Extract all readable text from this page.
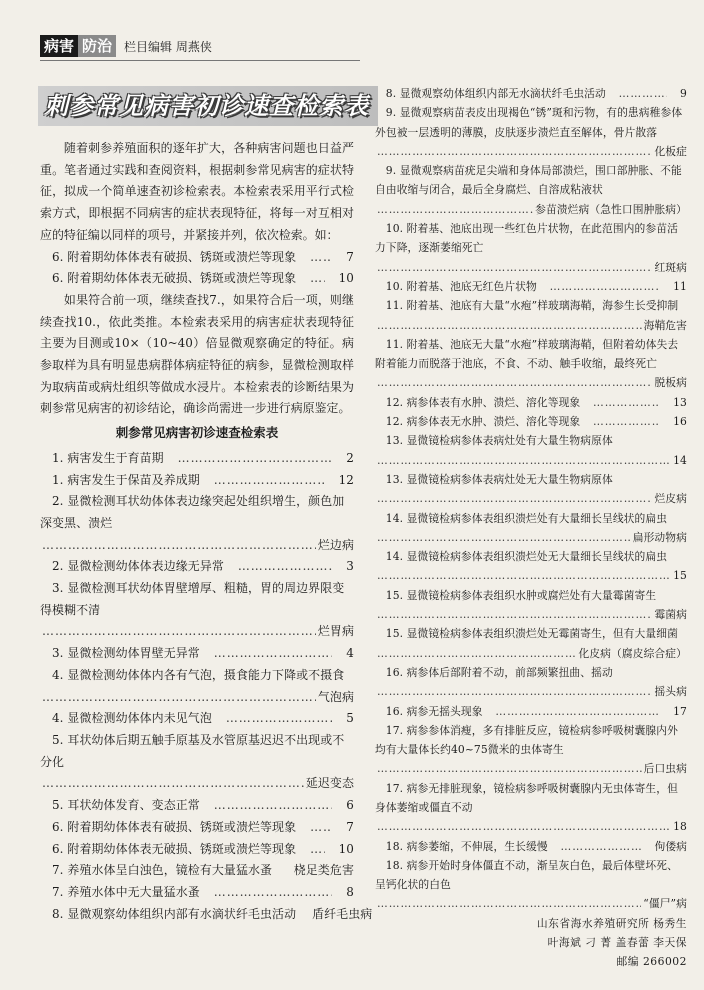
病害 防治	栏目编辑 周燕侠
刺参常见病害初诊速查检索表

随着刺参养殖面积的逐年扩大，各种病害问题也日益严重。笔者通过实践和查阅资料，根据刺参常见病害的症状特征，拟成一个简单速查初诊检索表。本检索表采用平行式检索方式，即根据不同病害的症状表现特征，将每一对互相对应的特征编以同样的项号，并紧接并列，依次检索。如：

6. 附着期幼体体表有破损、锈斑或溃烂等现象 ……………………………………………………………………………………………………………………	7
6. 附着期幼体体表无破损、锈斑或溃烂等现象 ……………………………………………………………………………………………………………………	10

如果符合前一项，继续查找7.，如果符合后一项，则继续查找10.，依此类推。本检索表采用的病害症状表现特征主要为目测或10×（10~40）倍显微观察确定的特征。病参取样为具有明显患病群体病症特征的病参，显微检测取样为取病苗或病灶组织等做成水浸片。本检索表的诊断结果为刺参常见病害的初诊结论，确诊尚需进一步进行病原鉴定。

刺参常见病害初诊速查检索表
1. 病害发生于育苗期 ……………………………………………………………………………………………………………………	2
1. 病害发生于保苗及养成期 ……………………………………………………………………………………………………………………	12
2. 显微检测耳状幼体体表边缘突起处组织增生，颜色加深变黑、溃烂
……………………………………………………………………………………………………………………
烂边病
2. 显微检测幼体体表边缘无异常 ……………………………………………………………………………………………………………………	3
3. 显微检测耳状幼体胃壁增厚、粗糙，胃的周边界限变得模糊不清
……………………………………………………………………………………………………………………
烂胃病
3. 显微检测幼体胃壁无异常 ……………………………………………………………………………………………………………………	4
4. 显微检测幼体体内各有气泡，摄食能力下降或不摄食
……………………………………………………………………………………………………………………
气泡病
4. 显微检测幼体体内未见气泡 ……………………………………………………………………………………………………………………	5
5. 耳状幼体后期五触手原基及水管原基迟迟不出现或不分化
……………………………………………………………………………………………………………………
延迟变态
5. 耳状幼体发育、变态正常 ……………………………………………………………………………………………………………………	6
6. 附着期幼体体表有破损、锈斑或溃烂等现象 ……………………………………………………………………………………………………………………	7
6. 附着期幼体体表无破损、锈斑或溃烂等现象 ……………………………………………………………………………………………………………………	10
7. 养殖水体呈白浊色，镜检有大量猛水蚤 ……………………………………………………………………………………………………………………	桡足类危害
7. 养殖水体中无大量猛水蚤 ……………………………………………………………………………………………………………………	8
8. 显微观察幼体组织内部有水滴状纤毛虫活动	盾纤毛虫病
8. 显微观察幼体组织内部无水滴状纤毛虫活动 ……………………………………………………………………………………………………………………	9
9. 显微观察病苗表皮出现褐色“锈”斑和污物，有的患病稚参体外包被一层透明的薄膜，皮肤逐步溃烂直至解体，骨片散落
……………………………………………………………………………………………………………………
化板症
9. 显微观察病苗疣足尖端和身体局部溃烂，围口部肿胀、不能自由收缩与闭合，最后全身腐烂、自溶成粘液状
……………………………………………………………………………………………………………………
参苗溃烂病（急性口围肿胀病）
10. 附着基、池底出现一些红色片状物，在此范围内的参苗活力下降，逐渐萎缩死亡
……………………………………………………………………………………………………………………
红斑病
10. 附着基、池底无红色片状物 ……………………………………………………………………………………………………………………	11
11. 附着基、池底有大量“水疱”样玻璃海鞘，海参生长受抑制
……………………………………………………………………………………………………………………
海鞘危害
11. 附着基、池底无大量“水疱”样玻璃海鞘，但附着幼体失去附着能力而脱落于池底，不食、不动、触手收缩，最终死亡
……………………………………………………………………………………………………………………
脱板病
12. 病参体表有水肿、溃烂、溶化等现象 ……………………………………………………………………………………………………………………	13
12. 病参体表无水肿、溃烂、溶化等现象 ……………………………………………………………………………………………………………………	16
13. 显微镜检病参体表病灶处有大量生物病原体
……………………………………………………………………………………………………………………
14
13. 显微镜检病参体表病灶处无大量生物病原体
……………………………………………………………………………………………………………………
烂皮病
14. 显微镜检病参体表组织溃烂处有大量细长呈线状的扁虫
……………………………………………………………………………………………………………………
扁形动物病
14. 显微镜检病参体表组织溃烂处无大量细长呈线状的扁虫
……………………………………………………………………………………………………………………
15
15. 显微镜检病参体表组织水肿或腐烂处有大量霉菌寄生
……………………………………………………………………………………………………………………
霉菌病
15. 显微镜检病参体表组织溃烂处无霉菌寄生，但有大量细菌
……………………………………………………………………………………………………………………
化皮病（腐皮综合症）
16. 病参体后部附着不动，前部频繁扭曲、摇动
……………………………………………………………………………………………………………………
摇头病
16. 病参无摇头现象 ……………………………………………………………………………………………………………………	17
17. 病参参体消瘦，多有排脏反应，镜检病参呼吸树囊腺内外均有大量体长约40~75微米的虫体寄生
……………………………………………………………………………………………………………………
后口虫病
17. 病参无排脏现象，镜检病参呼吸树囊腺内无虫体寄生，但身体萎缩或僵直不动
……………………………………………………………………………………………………………………
18
18. 病参萎缩，不伸展，生长缓慢 ……………………………………………………………………………………………………………………	佝偻病
18. 病参开始时身体僵直不动，渐呈灰白色，最后体壁坏死、呈钙化状的白色
……………………………………………………………………………………………………………………
“僵尸”病
山东省海水养殖研究所 杨秀生
叶海斌 刁 菁 盖春蕾 李天保
邮编 266002
